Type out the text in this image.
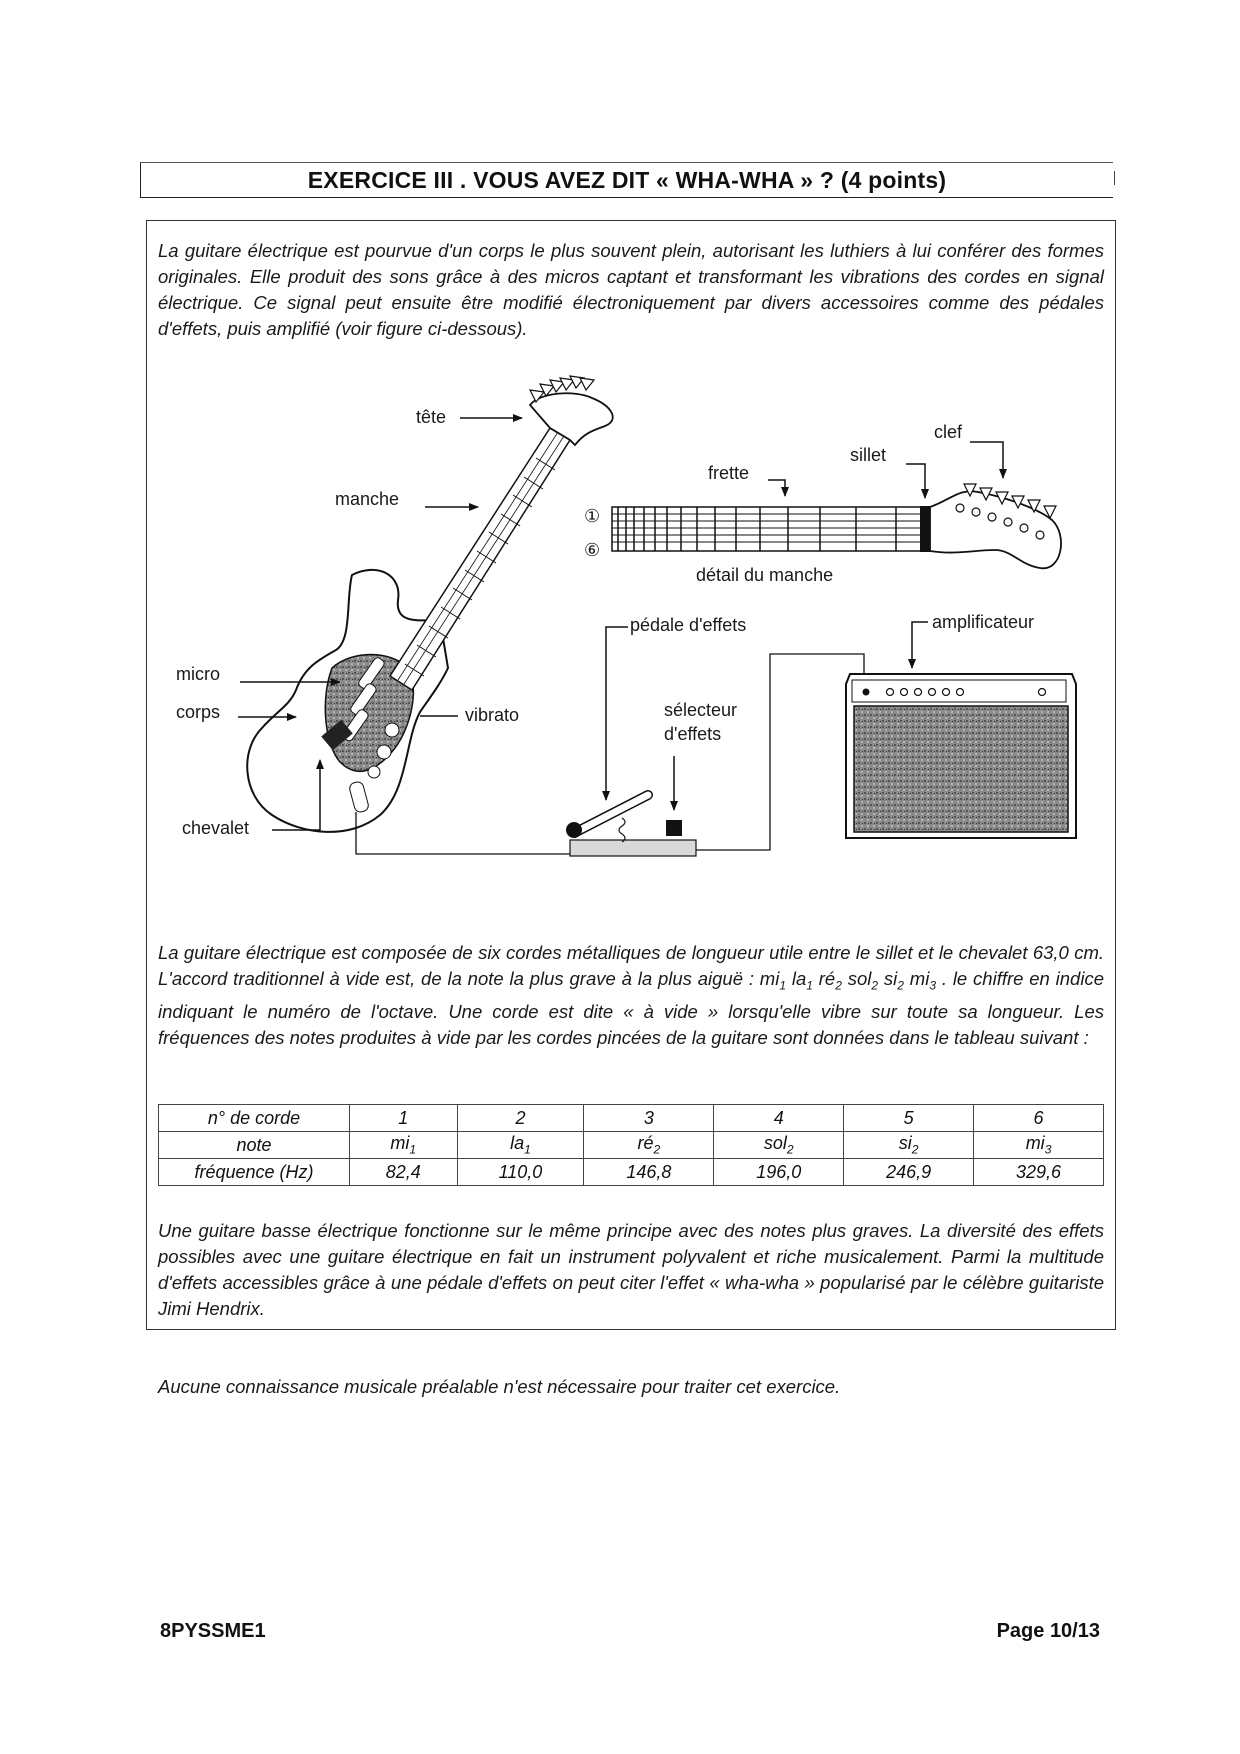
EXERCICE III . VOUS AVEZ DIT « WHA-WHA » ? (4 points)
La guitare électrique est pourvue d'un corps le plus souvent plein, autorisant les luthiers à lui conférer des formes originales. Elle produit des sons grâce à des micros captant et transformant les vibrations des cordes en signal électrique. Ce signal peut ensuite être modifié électroniquement par divers accessoires comme des pédales d'effets, puis amplifié (voir figure ci-dessous).
tête
manche
micro
corps	vibrato
chevalet
①
⑥
frette
sillet
clef
détail du manche
pédale d'effets
sélecteur
d'effets
amplificateur
La guitare électrique est composée de six cordes métalliques de longueur utile entre le sillet et le chevalet 63,0 cm. L'accord traditionnel à vide est, de la note la plus grave à la plus aiguë : $mi_1$ $la_1$ $ré_2$ sol$_2$ $si_2$ $mi_3$ . le chiffre en indice indiquant le numéro de l'octave. Une corde est dite « à vide » lorsqu'elle vibre sur toute sa longueur. Les fréquences des notes produites à vide par les cordes pincées de la guitare sont données dans le tableau suivant :
n° de corde	1	2	3	4	5	6
note	$mi_1$	$la_1$	$ré_2$	sol$_2$	$si_2$	$mi_3$
fréquence (Hz)	82,4	110,0	146,8	196,0	246,9	329,6
Une guitare basse électrique fonctionne sur le même principe avec des notes plus graves. La diversité des effets possibles avec une guitare électrique en fait un instrument polyvalent et riche musicalement. Parmi la multitude d'effets accessibles grâce à une pédale d'effets on peut citer l'effet « wha-wha » popularisé par le célèbre guitariste Jimi Hendrix.
Aucune connaissance musicale préalable n'est nécessaire pour traiter cet exercice.
8PYSSME1	Page 10/13
